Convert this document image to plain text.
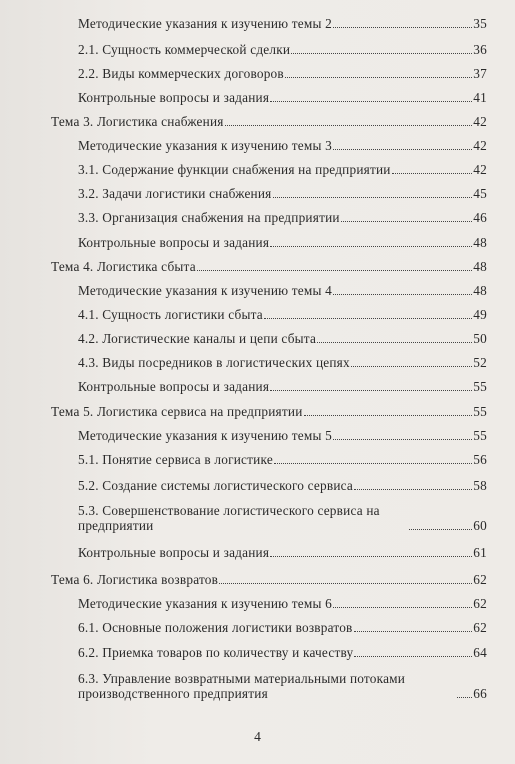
Методические указания к изучению темы 2	35
2.1. Сущность коммерческой сделки	36
2.2. Виды коммерческих договоров	37
Контрольные вопросы и задания	41
Тема 3. Логистика снабжения	42
Методические указания к изучению темы 3	42
3.1. Содержание функции снабжения на предприятии	42
3.2. Задачи логистики снабжения	45
3.3. Организация снабжения на предприятии	46
Контрольные вопросы и задания	48
Тема 4. Логистика сбыта	48
Методические указания к изучению темы 4	48
4.1. Сущность логистики сбыта	49
4.2. Логистические каналы и цепи сбыта	50
4.3. Виды посредников в логистических цепях	52
Контрольные вопросы и задания	55
Тема 5. Логистика сервиса на предприятии	55
Методические указания к изучению темы 5	55
5.1. Понятие сервиса в логистике	56
5.2. Создание системы логистического сервиса	58
5.3. Совершенствование логистического сервиса на предприятии	60
Контрольные вопросы и задания	61
Тема 6. Логистика возвратов	62
Методические указания к изучению темы 6	62
6.1. Основные положения логистики возвратов	62
6.2. Приемка товаров по количеству и качеству	64
6.3. Управление возвратными материальными потоками производственного предприятия	66
4
